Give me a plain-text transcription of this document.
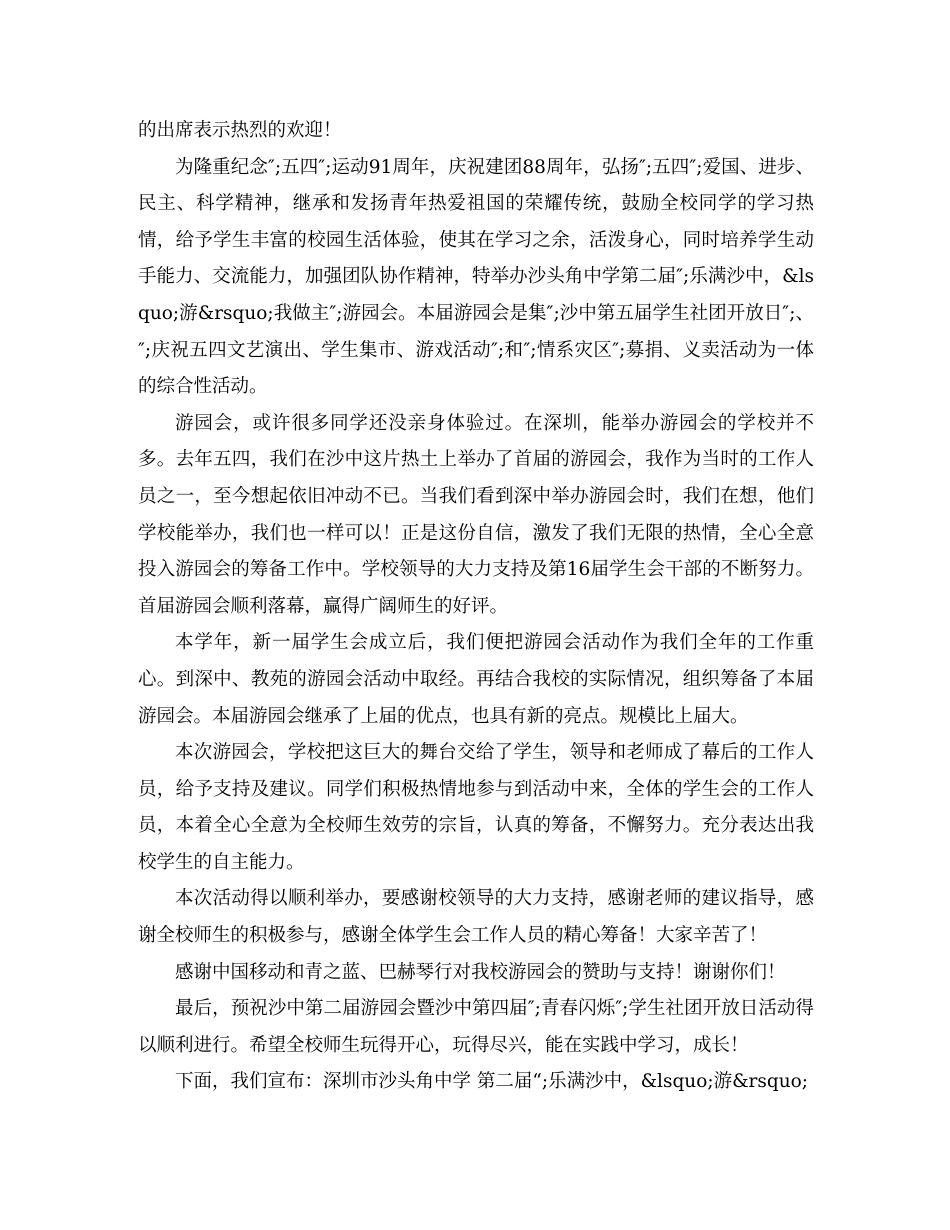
的出席表示热烈的欢迎！

为隆重纪念″;五四″;运动91周年，庆祝建团88周年，弘扬″;五四″;爱国、进步、民主、科学精神，继承和发扬青年热爱祖国的荣耀传统，鼓励全校同学的学习热情，给予学生丰富的校园生活体验，使其在学习之余，活泼身心，同时培养学生动手能力、交流能力，加强团队协作精神，特举办沙头角中学第二届″;乐满沙中，&lsquo;游&rsquo;我做主″;游园会。本届游园会是集″;沙中第五届学生社团开放日″;、″;庆祝五四文艺演出、学生集市、游戏活动″;和″;情系灾区″;募捐、义卖活动为一体的综合性活动。

游园会，或许很多同学还没亲身体验过。在深圳，能举办游园会的学校并不多。去年五四，我们在沙中这片热土上举办了首届的游园会，我作为当时的工作人员之一，至今想起依旧冲动不已。当我们看到深中举办游园会时，我们在想，他们学校能举办，我们也一样可以！正是这份自信，激发了我们无限的热情，全心全意投入游园会的筹备工作中。学校领导的大力支持及第16届学生会干部的不断努力。首届游园会顺利落幕，赢得广阔师生的好评。

本学年，新一届学生会成立后，我们便把游园会活动作为我们全年的工作重心。到深中、教苑的游园会活动中取经。再结合我校的实际情况，组织筹备了本届游园会。本届游园会继承了上届的优点，也具有新的亮点。规模比上届大。

本次游园会，学校把这巨大的舞台交给了学生，领导和老师成了幕后的工作人员，给予支持及建议。同学们积极热情地参与到活动中来，全体的学生会的工作人员，本着全心全意为全校师生效劳的宗旨，认真的筹备，不懈努力。充分表达出我校学生的自主能力。

本次活动得以顺利举办，要感谢校领导的大力支持，感谢老师的建议指导，感谢全校师生的积极参与，感谢全体学生会工作人员的精心筹备！大家辛苦了！

感谢中国移动和青之蓝、巴赫琴行对我校游园会的赞助与支持！谢谢你们！

最后，预祝沙中第二届游园会暨沙中第四届″;青春闪烁″;学生社团开放日活动得以顺利进行。希望全校师生玩得开心，玩得尽兴，能在实践中学习，成长！

下面，我们宣布：深圳市沙头角中学 第二届“;乐满沙中，&lsquo;游&rsquo;
